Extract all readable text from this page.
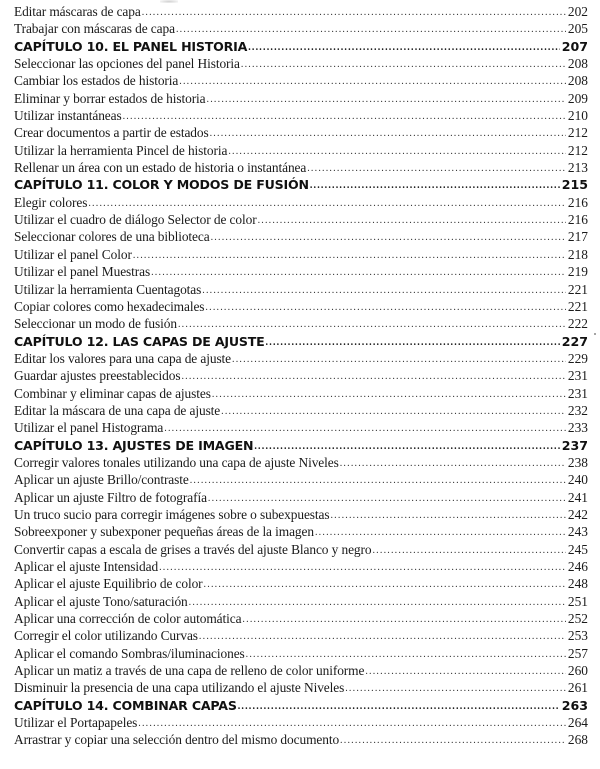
Editar máscaras de capa .....	202
Trabajar con máscaras de capa .....	205
CAPÍTULO 10. EL PANEL HISTORIA .....	207
Seleccionar las opciones del panel Historia .....	208
Cambiar los estados de historia .....	208
Eliminar y borrar estados de historia .....	209
Utilizar instantáneas .....	210
Crear documentos a partir de estados .....	212
Utilizar la herramienta Pincel de historia .....	212
Rellenar un área con un estado de historia o instantánea .....	213
CAPÍTULO 11. COLOR Y MODOS DE FUSIÓN .....	215
Elegir colores .....	216
Utilizar el cuadro de diálogo Selector de color .....	216
Seleccionar colores de una biblioteca .....	217
Utilizar el panel Color .....	218
Utilizar el panel Muestras .....	219
Utilizar la herramienta Cuentagotas .....	221
Copiar colores como hexadecimales .....	221
Seleccionar un modo de fusión .....	222
CAPÍTULO 12. LAS CAPAS DE AJUSTE .....	227
Editar los valores para una capa de ajuste .....	229
Guardar ajustes preestablecidos .....	231
Combinar y eliminar capas de ajustes .....	231
Editar la máscara de una capa de ajuste .....	232
Utilizar el panel Histograma .....	233
CAPÍTULO 13. AJUSTES DE IMAGEN .....	237
Corregir valores tonales utilizando una capa de ajuste Niveles .....	238
Aplicar un ajuste Brillo/contraste .....	240
Aplicar un ajuste Filtro de fotografía .....	241
Un truco sucio para corregir imágenes sobre o subexpuestas .....	242
Sobreexponer y subexponer pequeñas áreas de la imagen .....	243
Convertir capas a escala de grises a través del ajuste Blanco y negro .....	245
Aplicar el ajuste Intensidad .....	246
Aplicar el ajuste Equilibrio de color .....	248
Aplicar el ajuste Tono/saturación .....	251
Aplicar una corrección de color automática .....	252
Corregir el color utilizando Curvas .....	253
Aplicar el comando Sombras/iluminaciones .....	257
Aplicar un matiz a través de una capa de relleno de color uniforme .....	260
Disminuir la presencia de una capa utilizando el ajuste Niveles .....	261
CAPÍTULO 14. COMBINAR CAPAS .....	263
Utilizar el Portapapeles .....	264
Arrastrar y copiar una selección dentro del mismo documento .....	268
